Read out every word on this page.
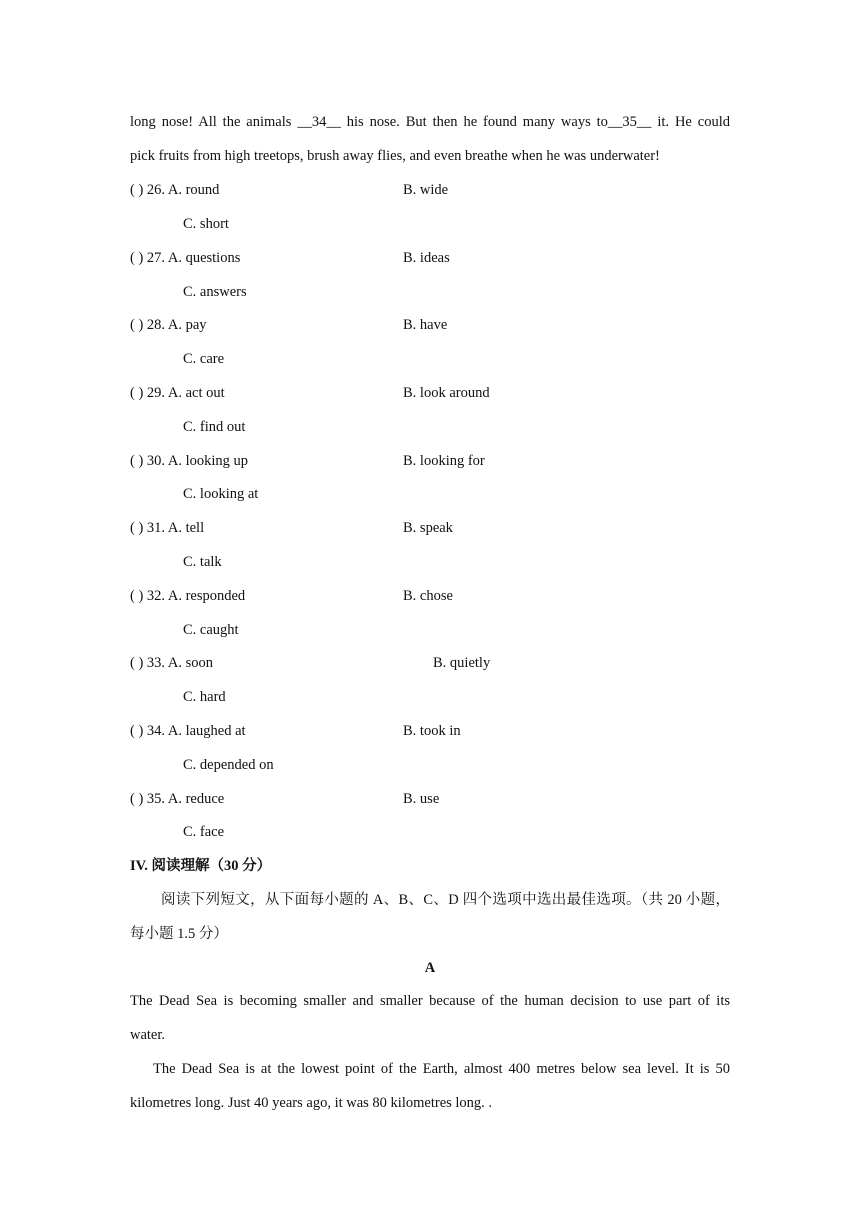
long nose! All the animals __34__ his nose. But then he found many ways to__35__ it. He could
pick fruits from high treetops, brush away flies, and even breathe when he was underwater!
( ) 26. A. round	B. wide
C. short
( ) 27. A. questions	B. ideas
C. answers
( ) 28. A. pay	B. have
C. care
( ) 29. A. act out	B. look around
C. find out
( ) 30. A. looking up	B. looking for
C. looking at
( ) 31. A. tell	B. speak
C. talk
( ) 32. A. responded	B. chose
C. caught
( ) 33. A. soon	B. quietly
C. hard
( ) 34. A. laughed at	B. took in
C. depended on
( ) 35. A. reduce	B. use
C. face
IV. 阅读理解（30 分）
阅读下列短文，从下面每小题的 A、B、C、D 四个选项中选出最佳选项。（共 20 小题，
每小题 1.5 分）
A
The Dead Sea is becoming smaller and smaller because of the human decision to use part of its
water.
The Dead Sea is at the lowest point of the Earth, almost 400 metres below sea level. It is 50
kilometres long. Just 40 years ago, it was 80 kilometres long. .
